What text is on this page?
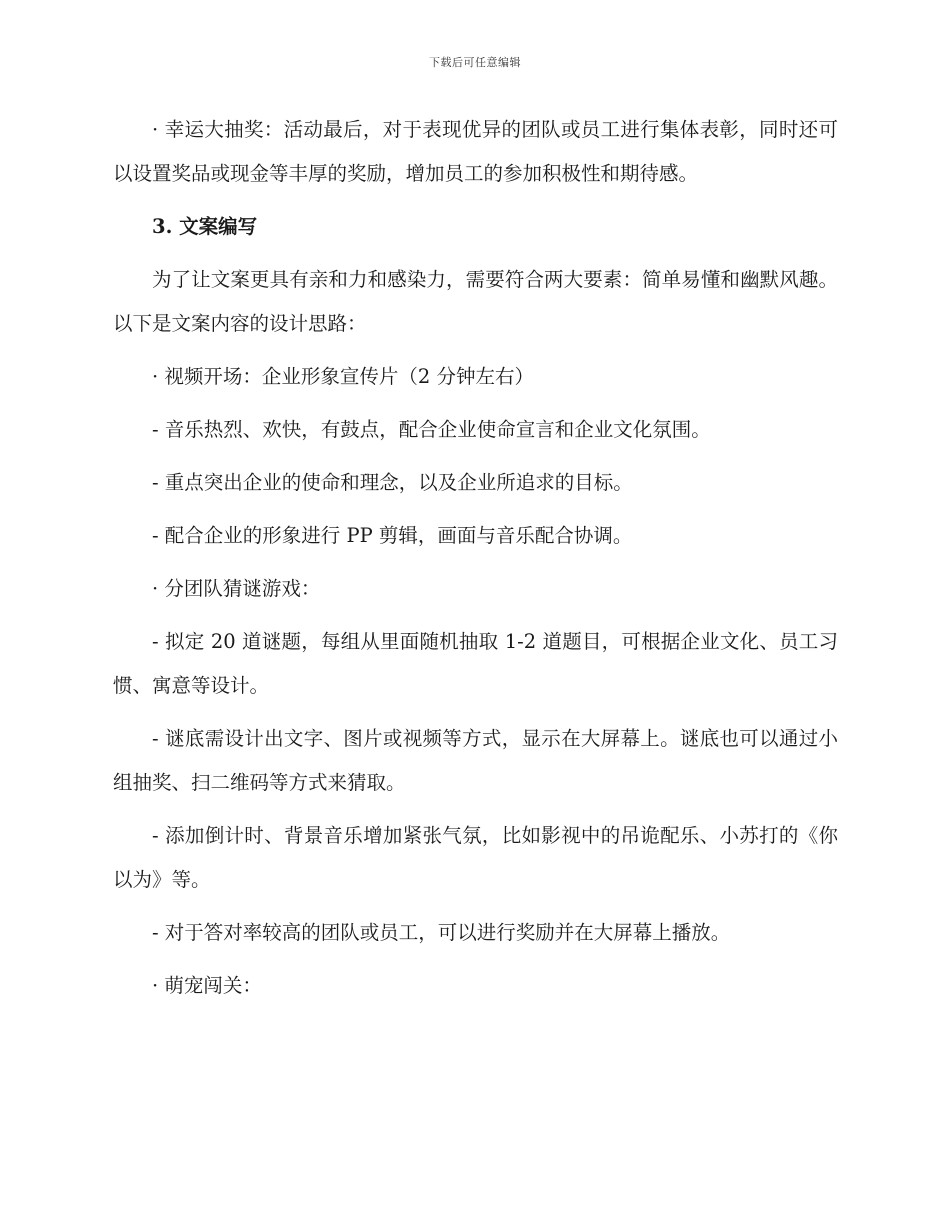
下载后可任意编辑

· 幸运大抽奖：活动最后，对于表现优异的团队或员工进行集体表彰，同时还可以设置奖品或现金等丰厚的奖励，增加员工的参加积极性和期待感。

3. 文案编写

为了让文案更具有亲和力和感染力，需要符合两大要素：简单易懂和幽默风趣。以下是文案内容的设计思路：

· 视频开场：企业形象宣传片（2 分钟左右）

- 音乐热烈、欢快，有鼓点，配合企业使命宣言和企业文化氛围。

- 重点突出企业的使命和理念，以及企业所追求的目标。

- 配合企业的形象进行 PP 剪辑，画面与音乐配合协调。

· 分团队猜谜游戏：

- 拟定 20 道谜题，每组从里面随机抽取 1-2 道题目，可根据企业文化、员工习惯、寓意等设计。

- 谜底需设计出文字、图片或视频等方式，显示在大屏幕上。谜底也可以通过小组抽奖、扫二维码等方式来猜取。

- 添加倒计时、背景音乐增加紧张气氛，比如影视中的吊诡配乐、小苏打的《你以为》等。

- 对于答对率较高的团队或员工，可以进行奖励并在大屏幕上播放。

· 萌宠闯关：
